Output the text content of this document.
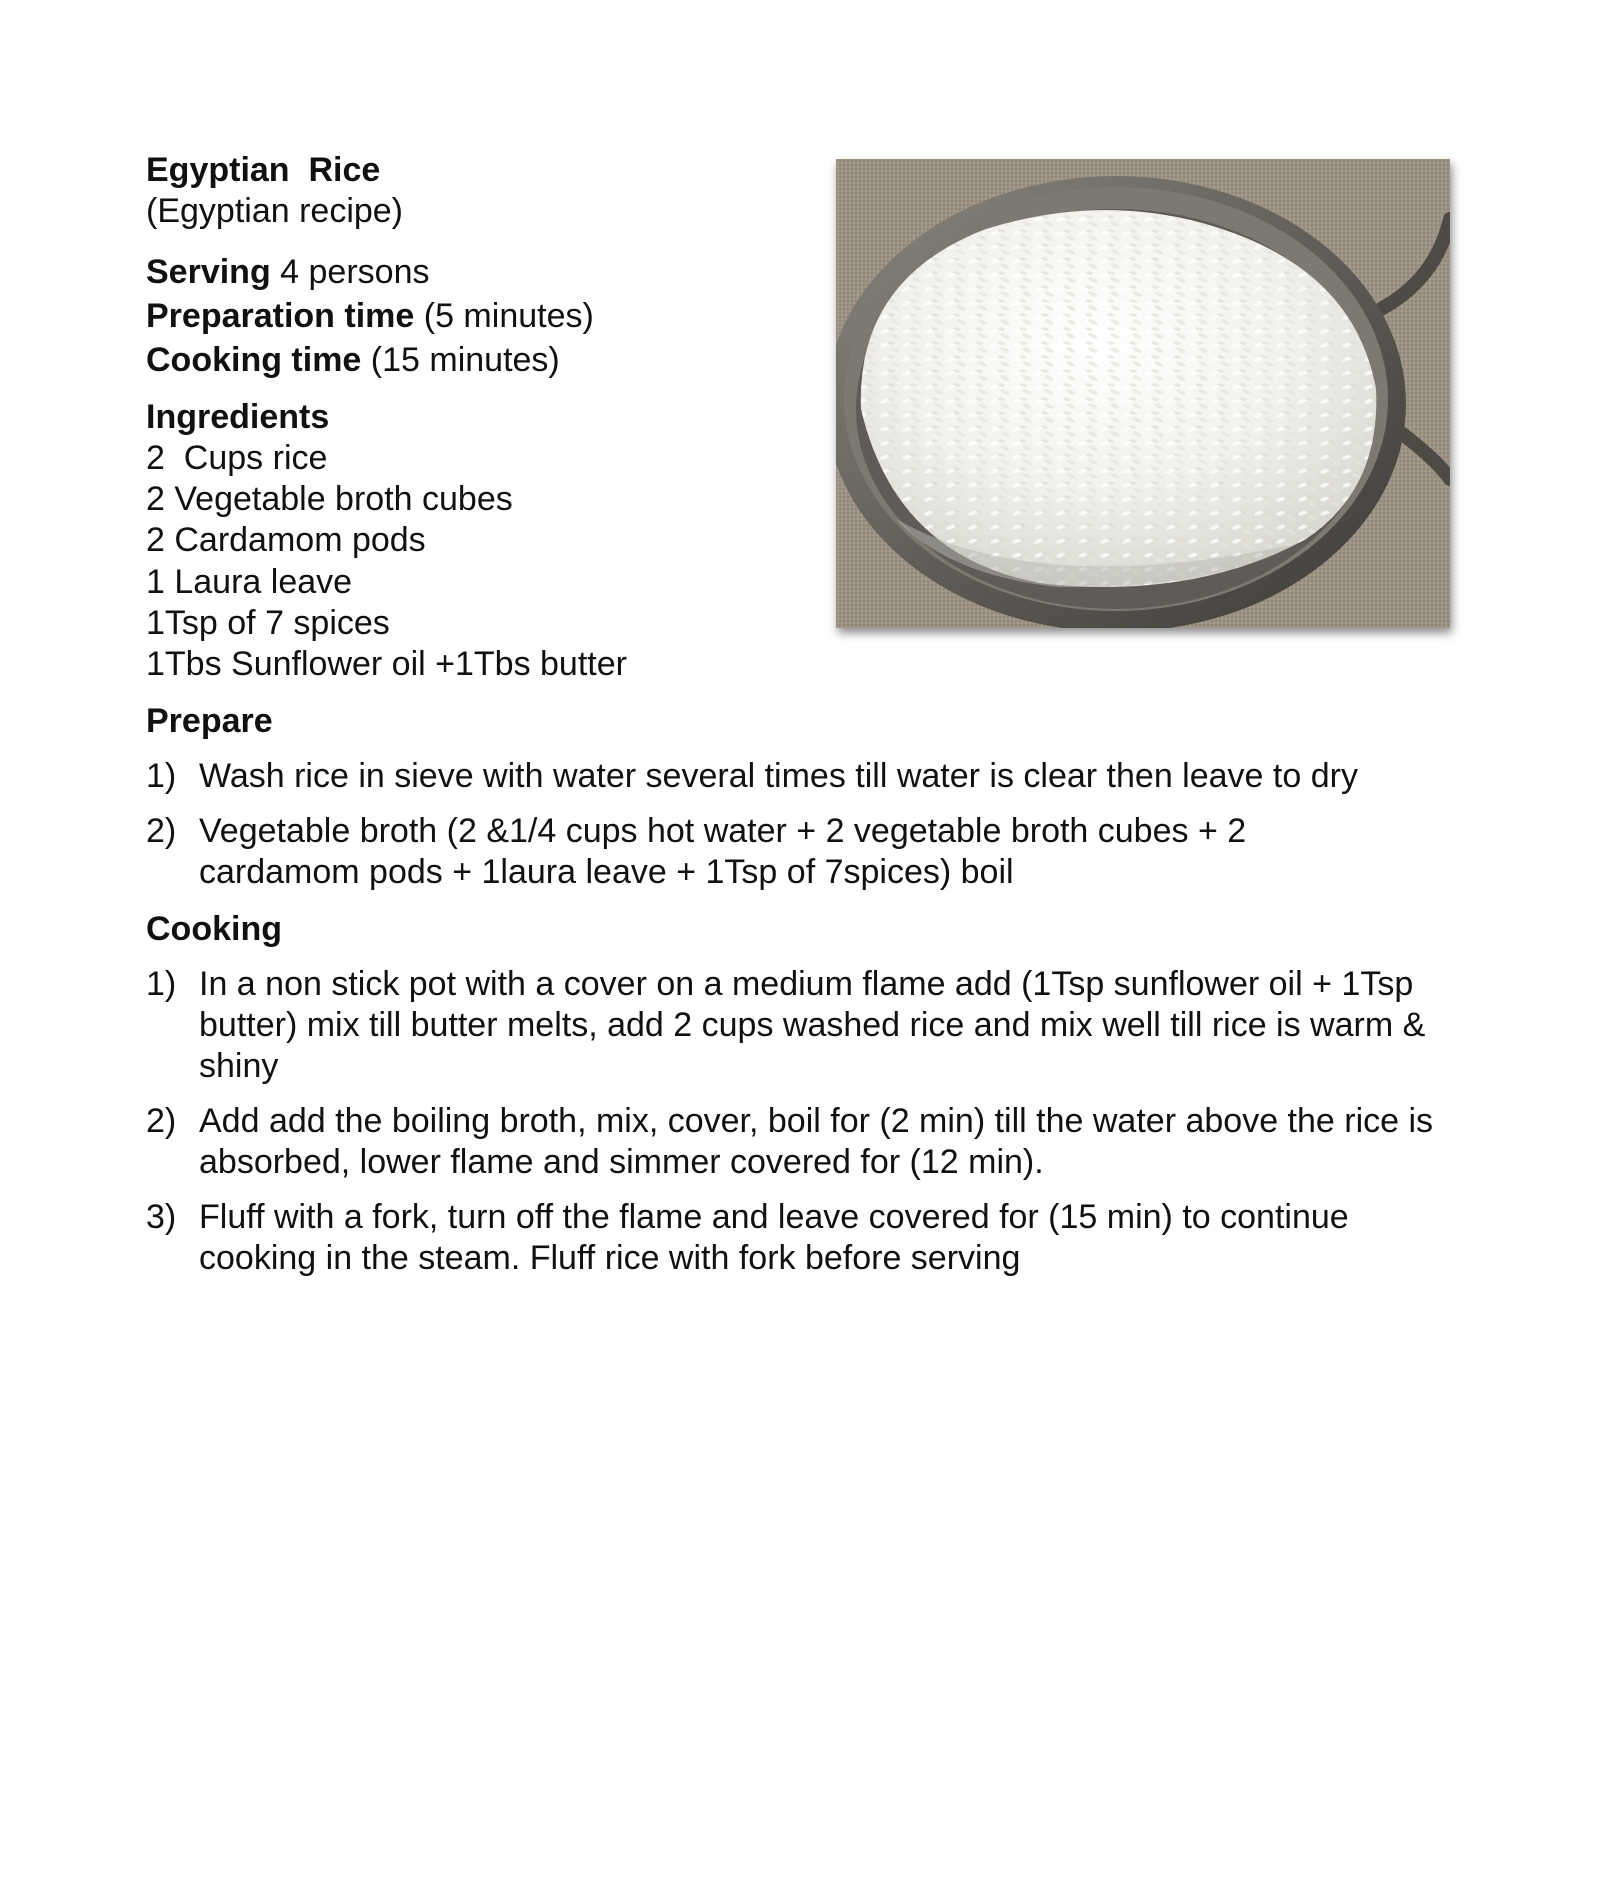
Egyptian  Rice
(Egyptian recipe)
Serving 4 persons
Preparation time (5 minutes)
Cooking time (15 minutes)
Ingredients
2  Cups rice
2 Vegetable broth cubes
2 Cardamom pods
1 Laura leave
1Tsp of 7 spices
1Tbs Sunflower oil +1Tbs butter
Prepare
1) Wash rice in sieve with water several times till water is clear then leave to dry
2) Vegetable broth (2 &1/4 cups hot water + 2 vegetable broth cubes + 2 cardamom pods + 1laura leave + 1Tsp of 7spices) boil
Cooking
1) In a non stick pot with a cover on a medium flame add (1Tsp sunflower oil + 1Tsp butter) mix till butter melts, add 2 cups washed rice and mix well till rice is warm & shiny
2) Add add the boiling broth, mix, cover, boil for (2 min) till the water above the rice is absorbed, lower flame and simmer covered for (12 min).
3) Fluff with a fork, turn off the flame and leave covered for (15 min) to continue cooking in the steam. Fluff rice with fork before serving
